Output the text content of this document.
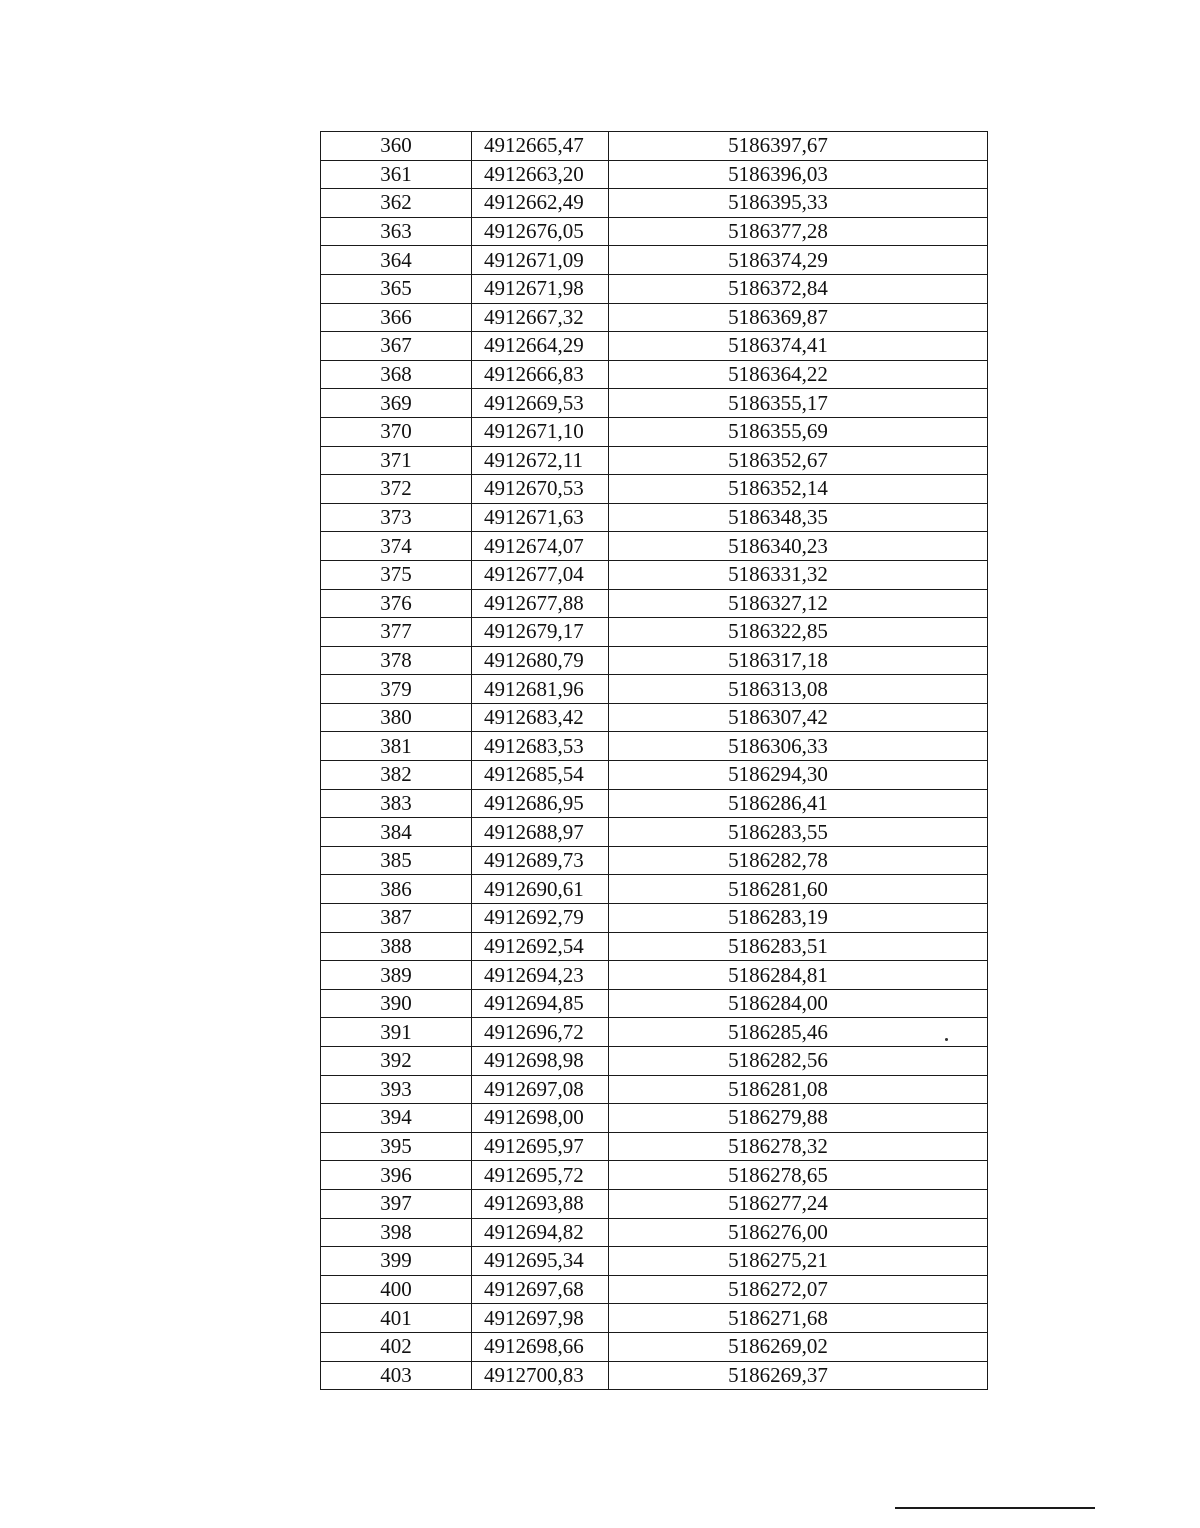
360	4912665,47	5186397,67
361	4912663,20	5186396,03
362	4912662,49	5186395,33
363	4912676,05	5186377,28
364	4912671,09	5186374,29
365	4912671,98	5186372,84
366	4912667,32	5186369,87
367	4912664,29	5186374,41
368	4912666,83	5186364,22
369	4912669,53	5186355,17
370	4912671,10	5186355,69
371	4912672,11	5186352,67
372	4912670,53	5186352,14
373	4912671,63	5186348,35
374	4912674,07	5186340,23
375	4912677,04	5186331,32
376	4912677,88	5186327,12
377	4912679,17	5186322,85
378	4912680,79	5186317,18
379	4912681,96	5186313,08
380	4912683,42	5186307,42
381	4912683,53	5186306,33
382	4912685,54	5186294,30
383	4912686,95	5186286,41
384	4912688,97	5186283,55
385	4912689,73	5186282,78
386	4912690,61	5186281,60
387	4912692,79	5186283,19
388	4912692,54	5186283,51
389	4912694,23	5186284,81
390	4912694,85	5186284,00
391	4912696,72	5186285,46
392	4912698,98	5186282,56
393	4912697,08	5186281,08
394	4912698,00	5186279,88
395	4912695,97	5186278,32
396	4912695,72	5186278,65
397	4912693,88	5186277,24
398	4912694,82	5186276,00
399	4912695,34	5186275,21
400	4912697,68	5186272,07
401	4912697,98	5186271,68
402	4912698,66	5186269,02
403	4912700,83	5186269,37
